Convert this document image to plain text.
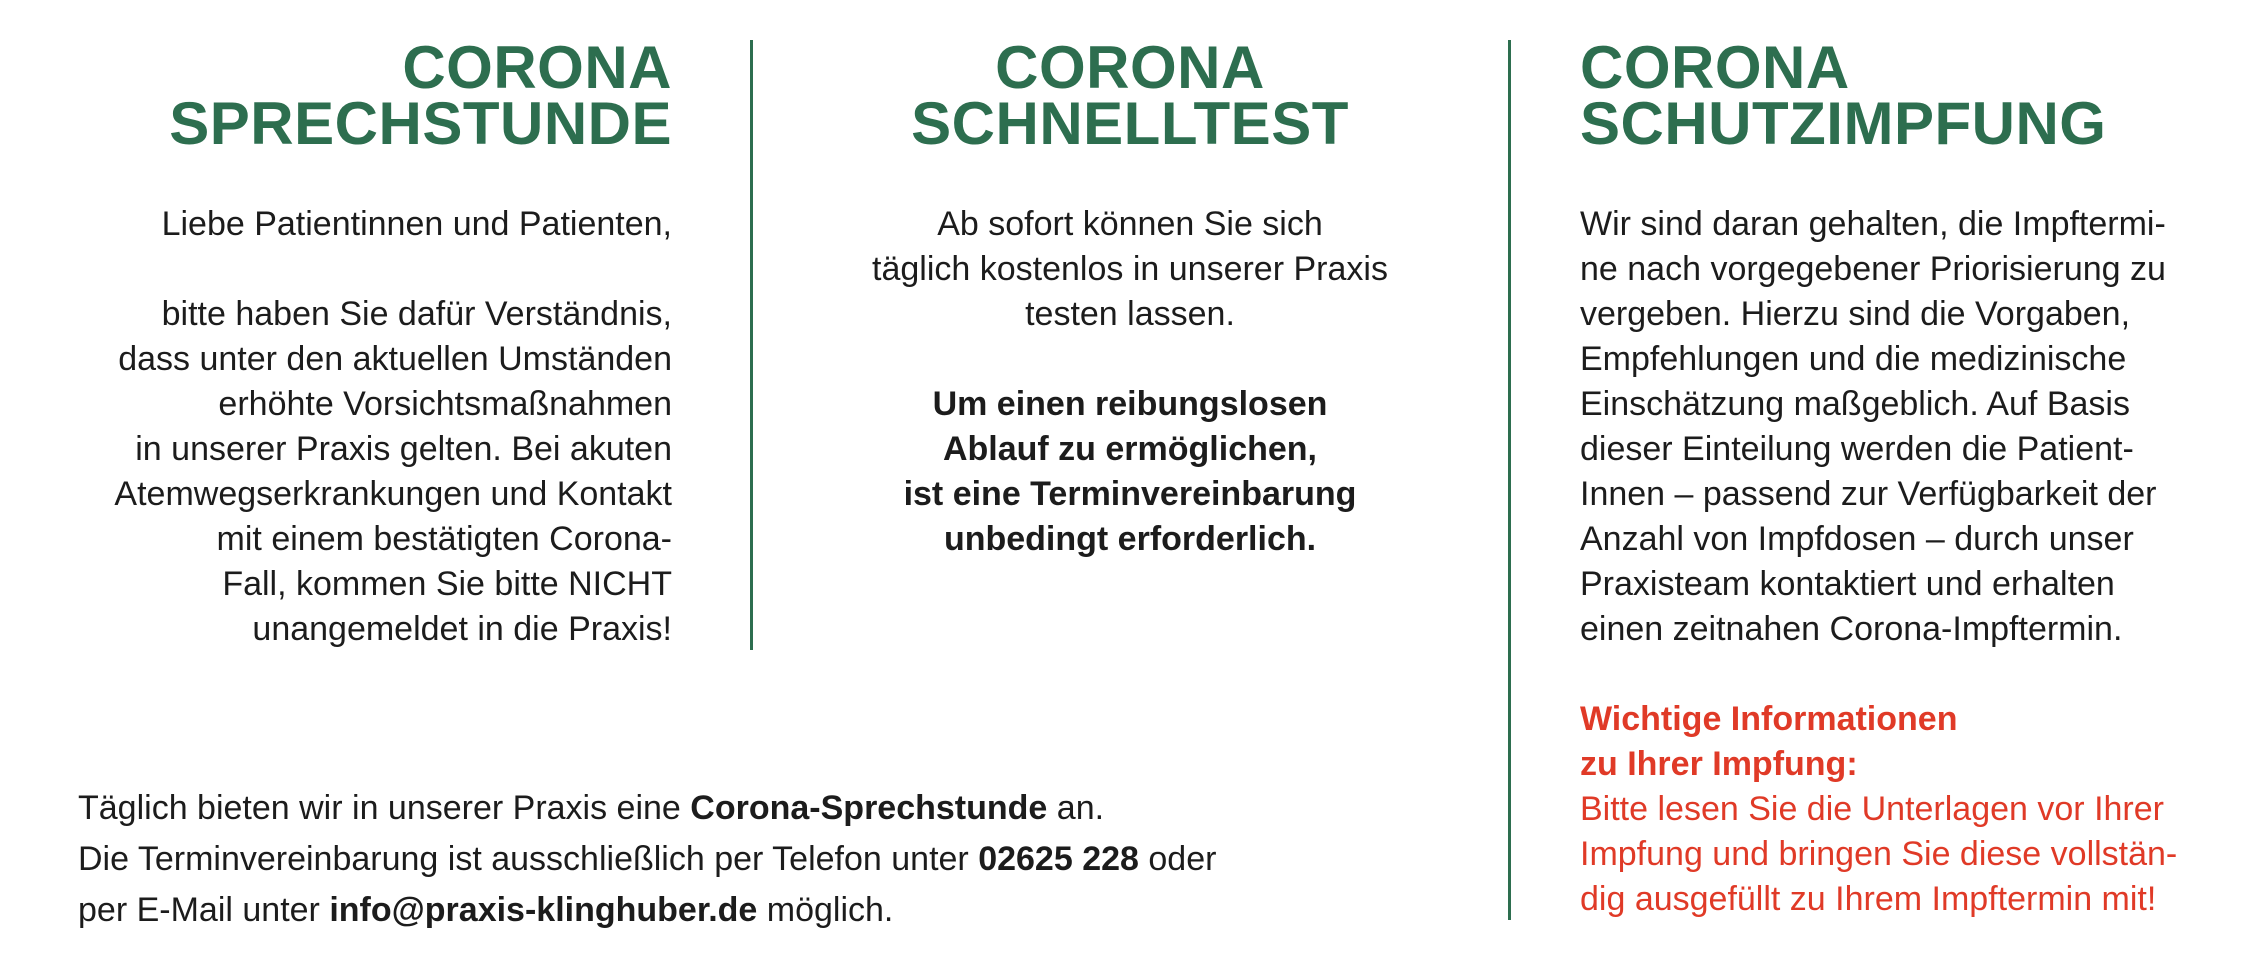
CORONA
SPRECHSTUNDE

Liebe Patientinnen und Patienten,

bitte haben Sie dafür Verständnis,
dass unter den aktuellen Umständen
erhöhte Vorsichtsmaßnahmen
in unserer Praxis gelten. Bei akuten
Atemwegserkrankungen und Kontakt
mit einem bestätigten Corona-
Fall, kommen Sie bitte NICHT
unangemeldet in die Praxis!

CORONA
SCHNELLTEST

Ab sofort können Sie sich
täglich kostenlos in unserer Praxis
testen lassen.

Um einen reibungslosen
Ablauf zu ermöglichen,
ist eine Terminvereinbarung
unbedingt erforderlich.

CORONA
SCHUTZIMPFUNG

Wir sind daran gehalten, die Impftermi-
ne nach vorgegebener Priorisierung zu
vergeben. Hierzu sind die Vorgaben,
Empfehlungen und die medizinische
Einschätzung maßgeblich. Auf Basis
dieser Einteilung werden die Patient-
Innen – passend zur Verfügbarkeit der
Anzahl von Impfdosen – durch unser
Praxisteam kontaktiert und erhalten
einen zeitnahen Corona-Impftermin.

Wichtige Informationen
zu Ihrer Impfung:

Bitte lesen Sie die Unterlagen vor Ihrer
Impfung und bringen Sie diese vollstän-
dig ausgefüllt zu Ihrem Impftermin mit!

Täglich bieten wir in unserer Praxis eine Corona-Sprechstunde an.
Die Terminvereinbarung ist ausschließlich per Telefon unter 02625 228 oder
per E-Mail unter info@praxis-klinghuber.de möglich.
